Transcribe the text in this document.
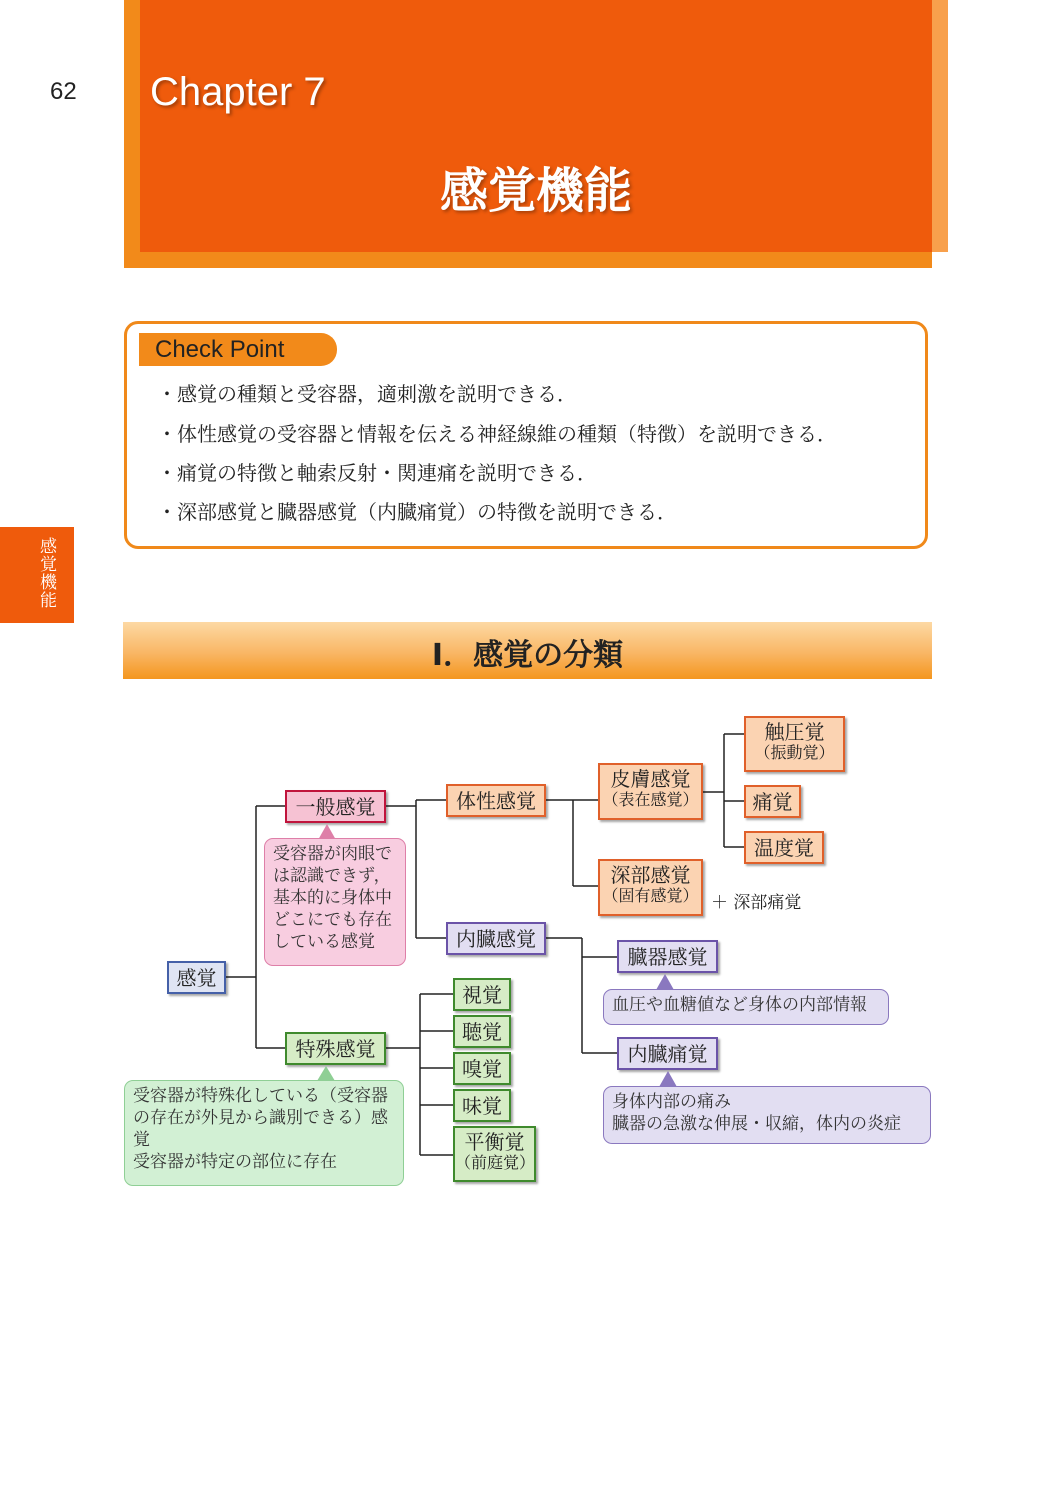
62 Chapter 7
感覚機能
Check Point
・感覚の種類と受容器，適刺激を説明できる．
・体性感覚の受容器と情報を伝える神経線維の種類（特徴）を説明できる．
・痛覚の特徴と軸索反射・関連痛を説明できる．
・深部感覚と臓器感覚（内臓痛覚）の特徴を説明できる．
感覚機能
Ⅰ．感覚の分類
感覚
一般感覚
特殊感覚
体性感覚
内臓感覚
皮膚感覚
（表在感覚）
深部感覚
（固有感覚） ＋ 深部痛覚
触圧覚
（振動覚）
痛覚
温度覚
臓器感覚
内臓痛覚
視覚
聴覚
嗅覚
味覚
平衡覚
（前庭覚）
受容器が肉眼では認識できず，基本的に身体中どこにでも存在している感覚
受容器が特殊化している（受容器の存在が外見から識別できる）感覚
受容器が特定の部位に存在
血圧や血糖値など身体の内部情報
身体内部の痛み
臓器の急激な伸展・収縮，体内の炎症
